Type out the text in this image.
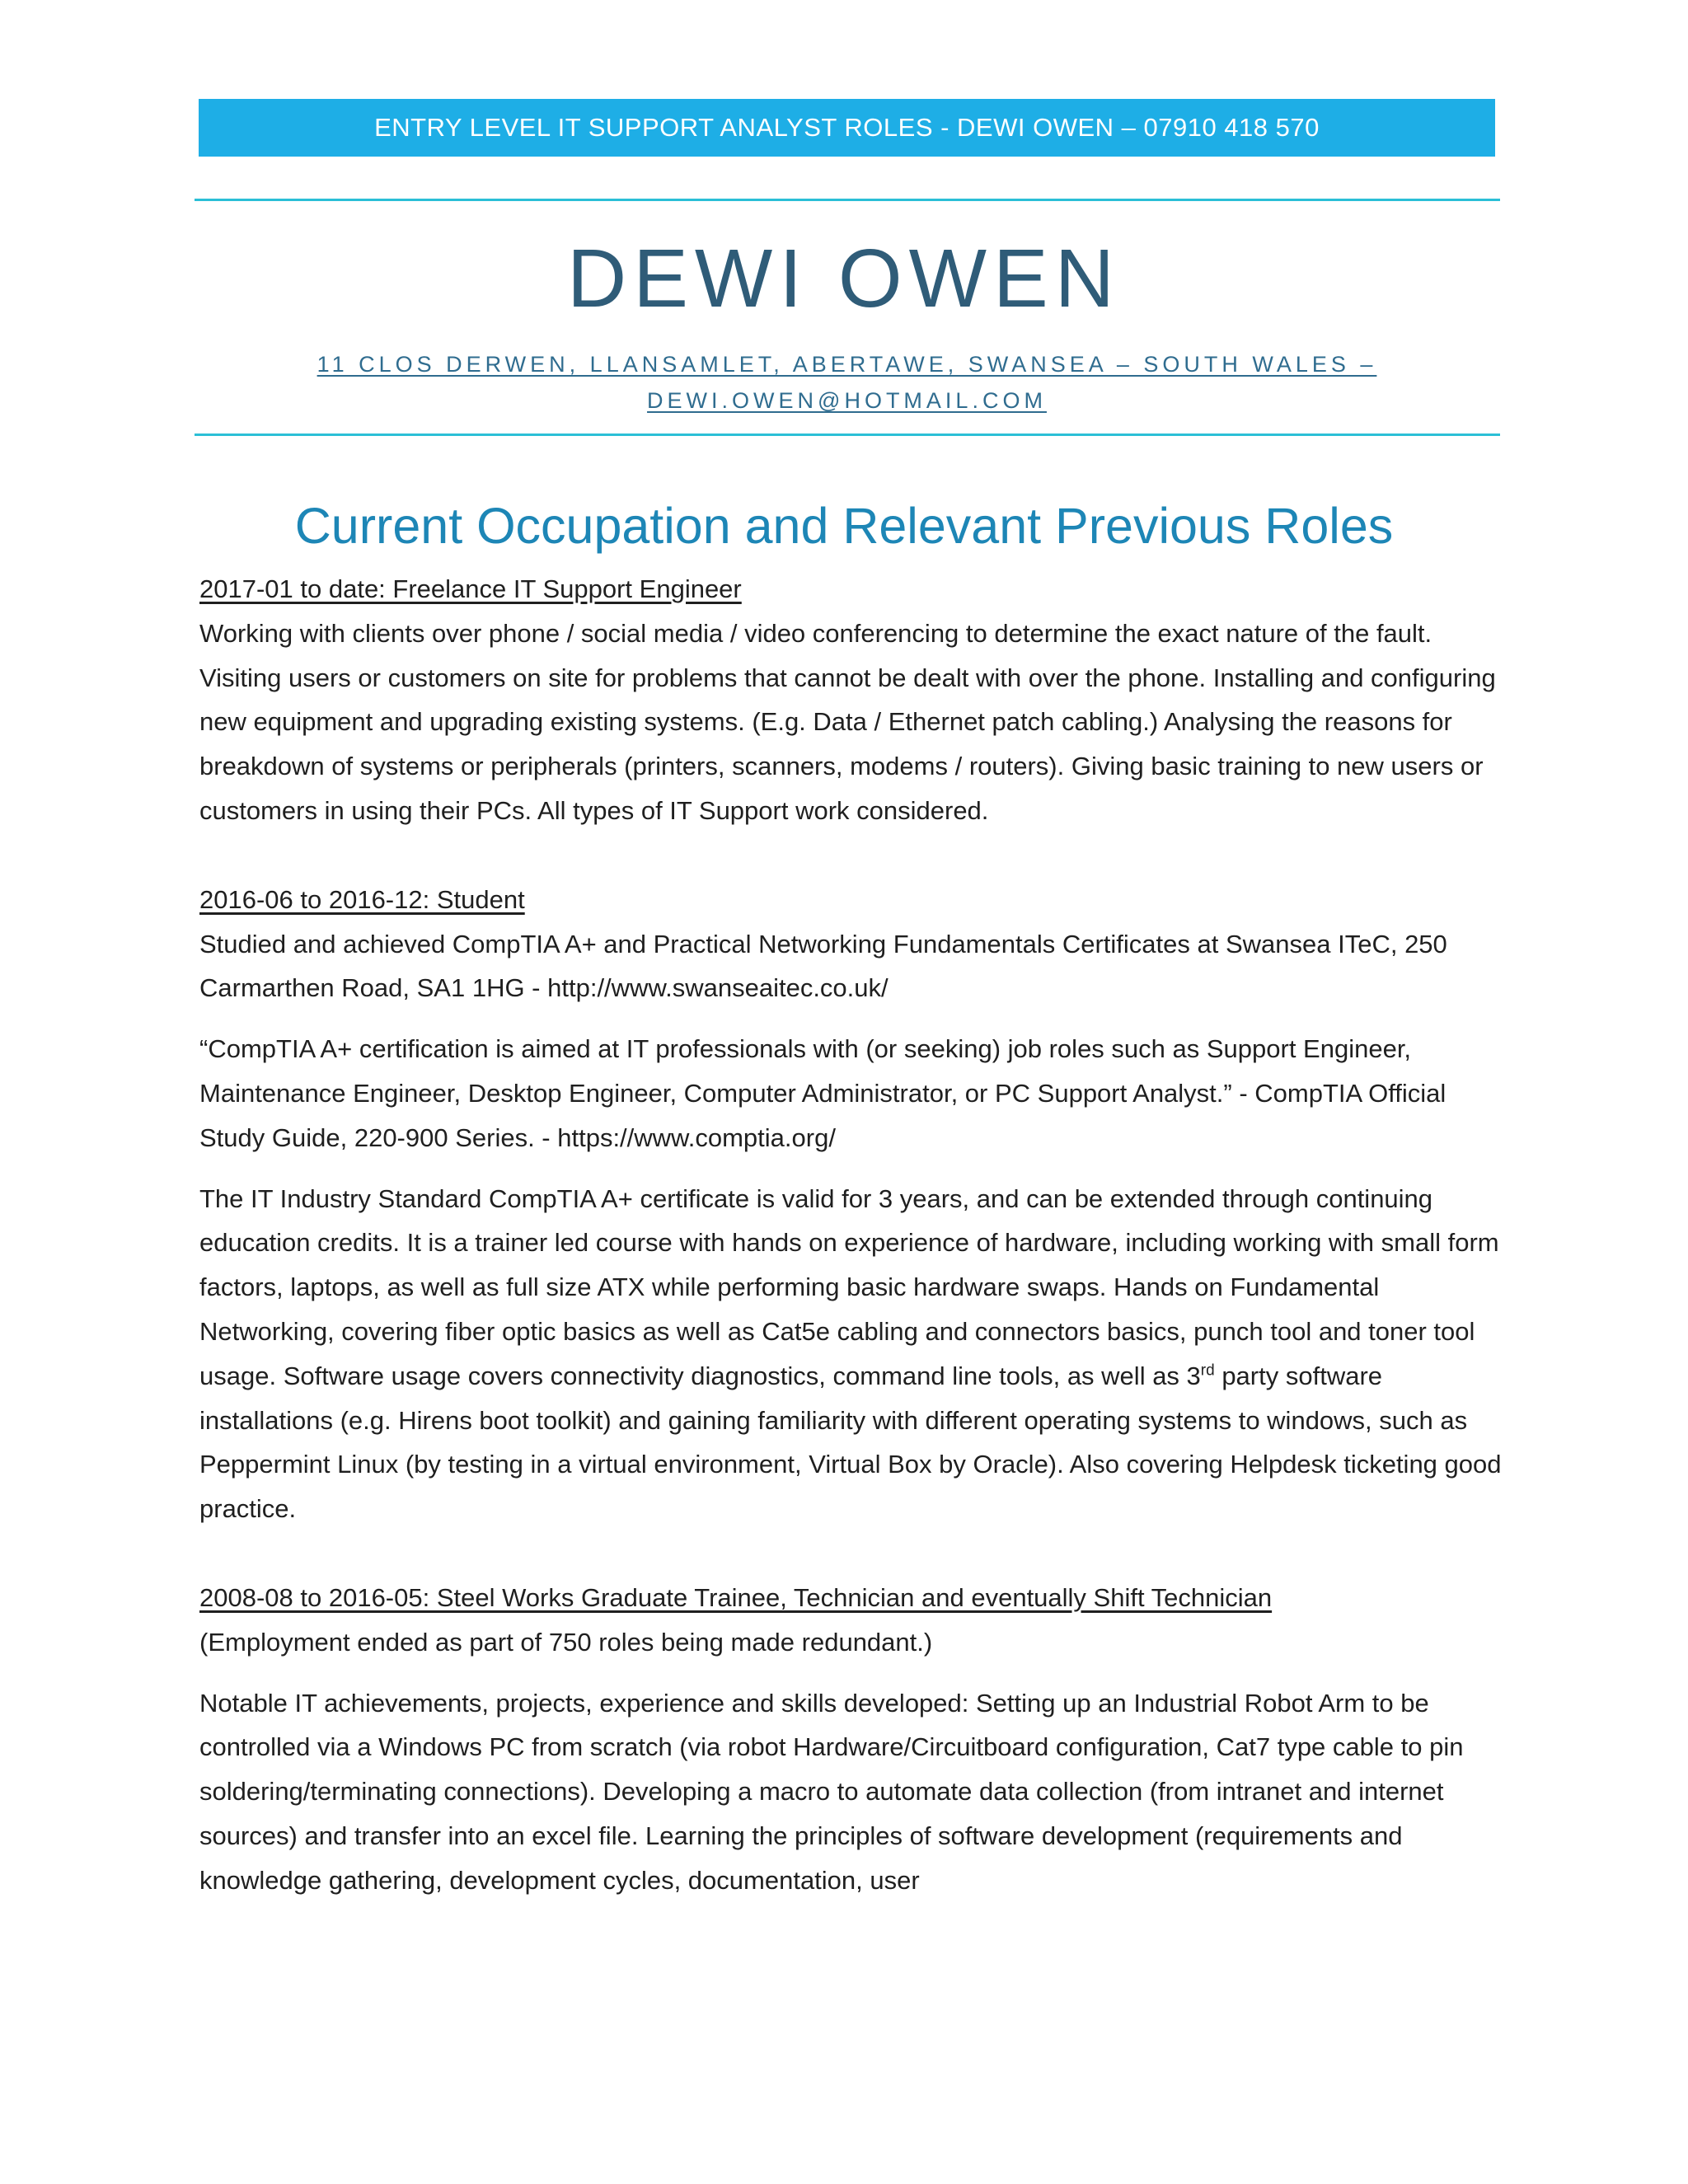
ENTRY LEVEL IT SUPPORT ANALYST ROLES - DEWI OWEN – 07910 418 570
DEWI OWEN
11 CLOS DERWEN, LLANSAMLET, ABERTAWE, SWANSEA – SOUTH WALES –
DEWI.OWEN@HOTMAIL.COM
Current Occupation and Relevant Previous Roles

2017-01 to date: Freelance IT Support Engineer

Working with clients over phone / social media / video conferencing to determine the exact nature of the fault. Visiting users or customers on site for problems that cannot be dealt with over the phone. Installing and configuring new equipment and upgrading existing systems. (E.g. Data / Ethernet patch cabling.) Analysing the reasons for breakdown of systems or peripherals (printers, scanners, modems / routers). Giving basic training to new users or customers in using their PCs. All types of IT Support work considered.

2016-06 to 2016-12: Student

Studied and achieved CompTIA A+ and Practical Networking Fundamentals Certificates at Swansea ITeC, 250 Carmarthen Road, SA1 1HG - http://www.swanseaitec.co.uk/

“CompTIA A+ certification is aimed at IT professionals with (or seeking) job roles such as Support Engineer, Maintenance Engineer, Desktop Engineer, Computer Administrator, or PC Support Analyst.” - CompTIA Official Study Guide, 220-900 Series. - https://www.comptia.org/

The IT Industry Standard CompTIA A+ certificate is valid for 3 years, and can be extended through continuing education credits. It is a trainer led course with hands on experience of hardware, including working with small form factors, laptops, as well as full size ATX while performing basic hardware swaps. Hands on Fundamental Networking, covering fiber optic basics as well as Cat5e cabling and connectors basics, punch tool and toner tool usage. Software usage covers connectivity diagnostics, command line tools, as well as 3rd party software installations (e.g. Hirens boot toolkit) and gaining familiarity with different operating systems to windows, such as Peppermint Linux (by testing in a virtual environment, Virtual Box by Oracle). Also covering Helpdesk ticketing good practice.

2008-08 to 2016-05: Steel Works Graduate Trainee, Technician and eventually Shift Technician

(Employment ended as part of 750 roles being made redundant.)

Notable IT achievements, projects, experience and skills developed: Setting up an Industrial Robot Arm to be controlled via a Windows PC from scratch (via robot Hardware/Circuitboard configuration, Cat7 type cable to pin soldering/terminating connections). Developing a macro to automate data collection (from intranet and internet sources) and transfer into an excel file. Learning the principles of software development (requirements and knowledge gathering, development cycles, documentation, user
